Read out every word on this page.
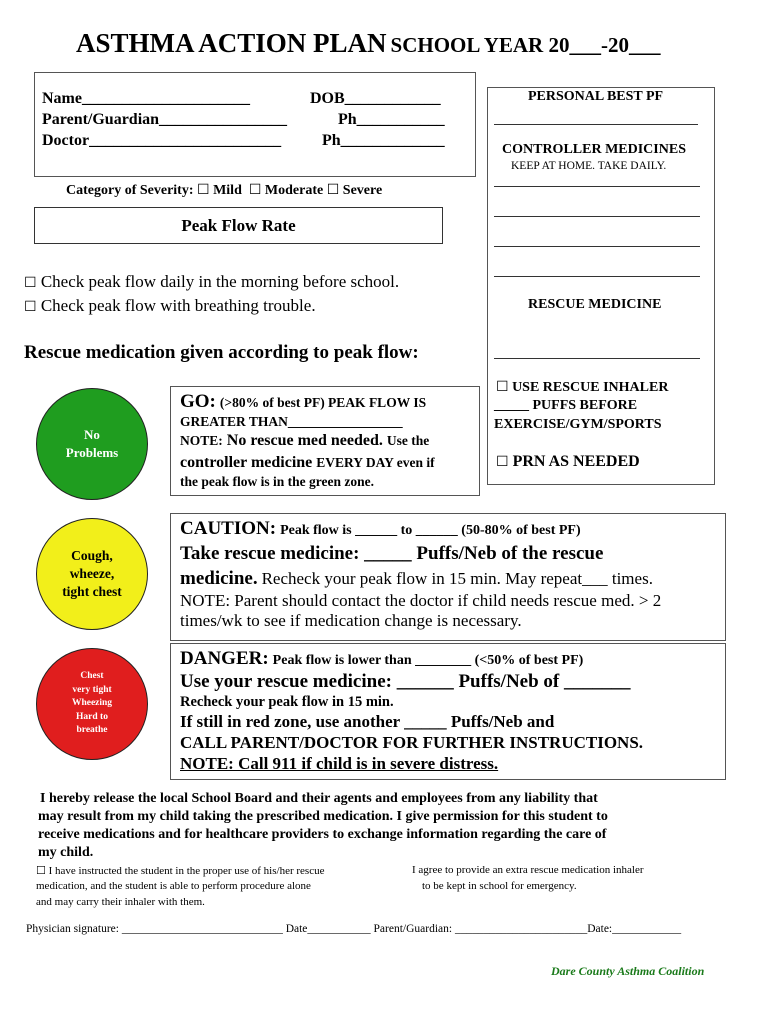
ASTHMA ACTION PLAN SCHOOL YEAR 20___-20___
Name_____________________	DOB____________
Parent/Guardian________________	Ph___________
Doctor________________________	Ph_____________
Category of Severity: ☐ Mild ☐ Moderate ☐ Severe
Peak Flow Rate
☐ Check peak flow daily in the morning before school.
☐ Check peak flow with breathing trouble.
Rescue medication given according to peak flow:
PERSONAL BEST PF
CONTROLLER MEDICINES
KEEP AT HOME. TAKE DAILY.
RESCUE MEDICINE
☐ USE RESCUE INHALER
_____ PUFFS BEFORE
EXERCISE/GYM/SPORTS
☐ PRN AS NEEDED
No
Problems
Cough,
wheeze,
tight chest
Chest
very tight
Wheezing
Hard to
breathe
GO: (>80% of best PF) PEAK FLOW IS
GREATER THAN_________________
NOTE: No rescue med needed. Use the
controller medicine EVERY DAY even if
the peak flow is in the green zone.
CAUTION: Peak flow is ______ to ______ (50-80% of best PF)
Take rescue medicine: _____ Puffs/Neb of the rescue
medicine. Recheck your peak flow in 15 min. May repeat___ times.
NOTE: Parent should contact the doctor if child needs rescue med. > 2
times/wk to see if medication change is necessary.
DANGER: Peak flow is lower than ________ (<50% of best PF)
Use your rescue medicine: ______ Puffs/Neb of _______
Recheck your peak flow in 15 min.
If still in red zone, use another _____ Puffs/Neb and
CALL PARENT/DOCTOR FOR FURTHER INSTRUCTIONS.
NOTE: Call 911 if child is in severe distress.
I hereby release the local School Board and their agents and employees from any liability that
may result from my child taking the prescribed medication. I give permission for this student to
receive medications and for healthcare providers to exchange information regarding the care of
my child.
☐ I have instructed the student in the proper use of his/her rescue
medication, and the student is able to perform procedure alone
and may carry their inhaler with them.
I agree to provide an extra rescue medication inhaler
to be kept in school for emergency.
Physician signature: ____________________________ Date___________ Parent/Guardian: _______________________Date:____________
Dare County Asthma Coalition
